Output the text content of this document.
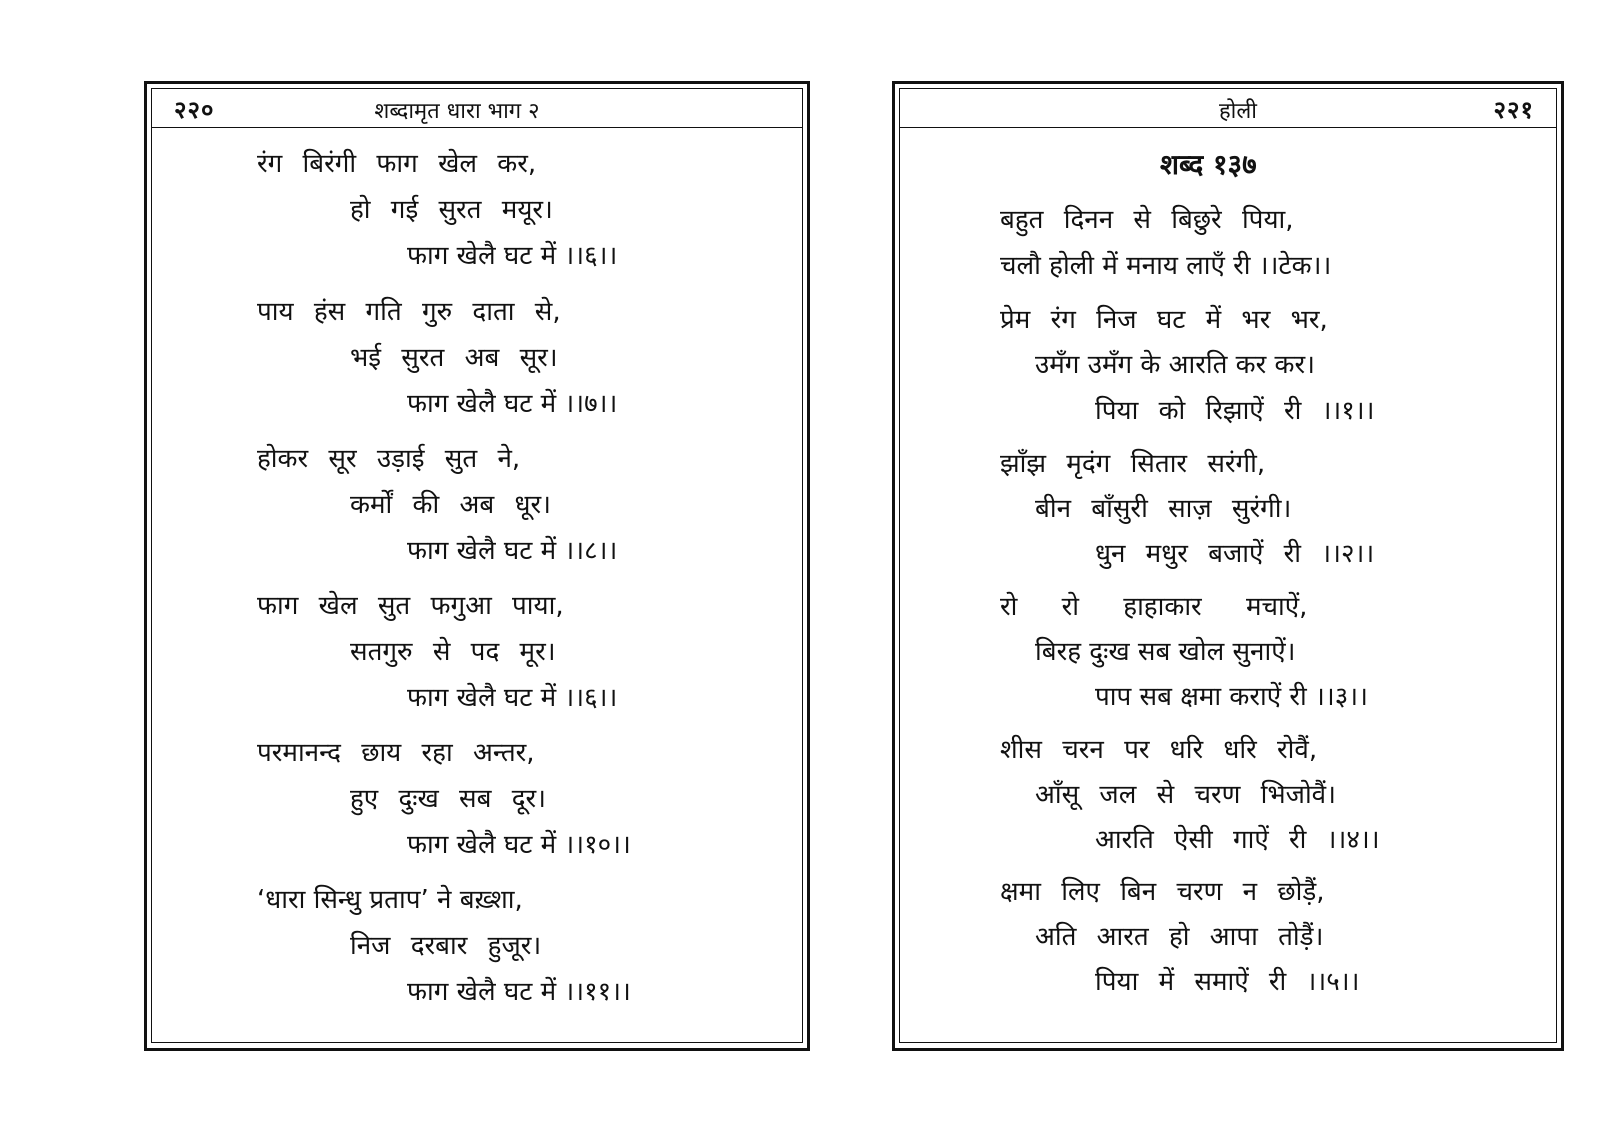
२२०	शब्दामृत धारा भाग २
रंग बिरंगी फाग खेल कर,
हो गई सुरत मयूर।
फाग खेलै घट में ।।६।।
पाय हंस गति गुरु दाता से,
भई सुरत अब सूर।
फाग खेलै घट में ।।७।।
होकर सूर उड़ाई सुत ने,
कर्मों की अब धूर।
फाग खेलै घट में ।।८।।
फाग खेल सुत फगुआ पाया,
सतगुरु से पद मूर।
फाग खेलै घट में ।।६।।
परमानन्द छाय रहा अन्तर,
हुए दुःख सब दूर।
फाग खेलै घट में ।।१०।।
‘धारा सिन्धु प्रताप’ ने बख़्शा,
निज दरबार हुजूर।
फाग खेलै घट में ।।११।।
होली	२२१
शब्द १३७
बहुत दिनन से बिछुरे पिया,
चलौ होली में मनाय लाएँ री ।।टेक।।
प्रेम रंग निज घट में भर भर,
उमँग उमँग के आरति कर कर।
पिया को रिझाऐं री ।।१।।
झाँझ मृदंग सितार सरंगी,
बीन बाँसुरी साज़ सुरंगी।
धुन मधुर बजाऐं री ।।२।।
रो रो हाहाकार मचाऐं,
बिरह दुःख सब खोल सुनाऐं।
पाप सब क्षमा कराऐं री ।।३।।
शीस चरन पर धरि धरि रोवैं,
आँसू जल से चरण भिजोवैं।
आरति ऐसी गाऐं री ।।४।।
क्षमा लिए बिन चरण न छोड़ैं,
अति आरत हो आपा तोड़ैं।
पिया में समाऐं री ।।५।।
